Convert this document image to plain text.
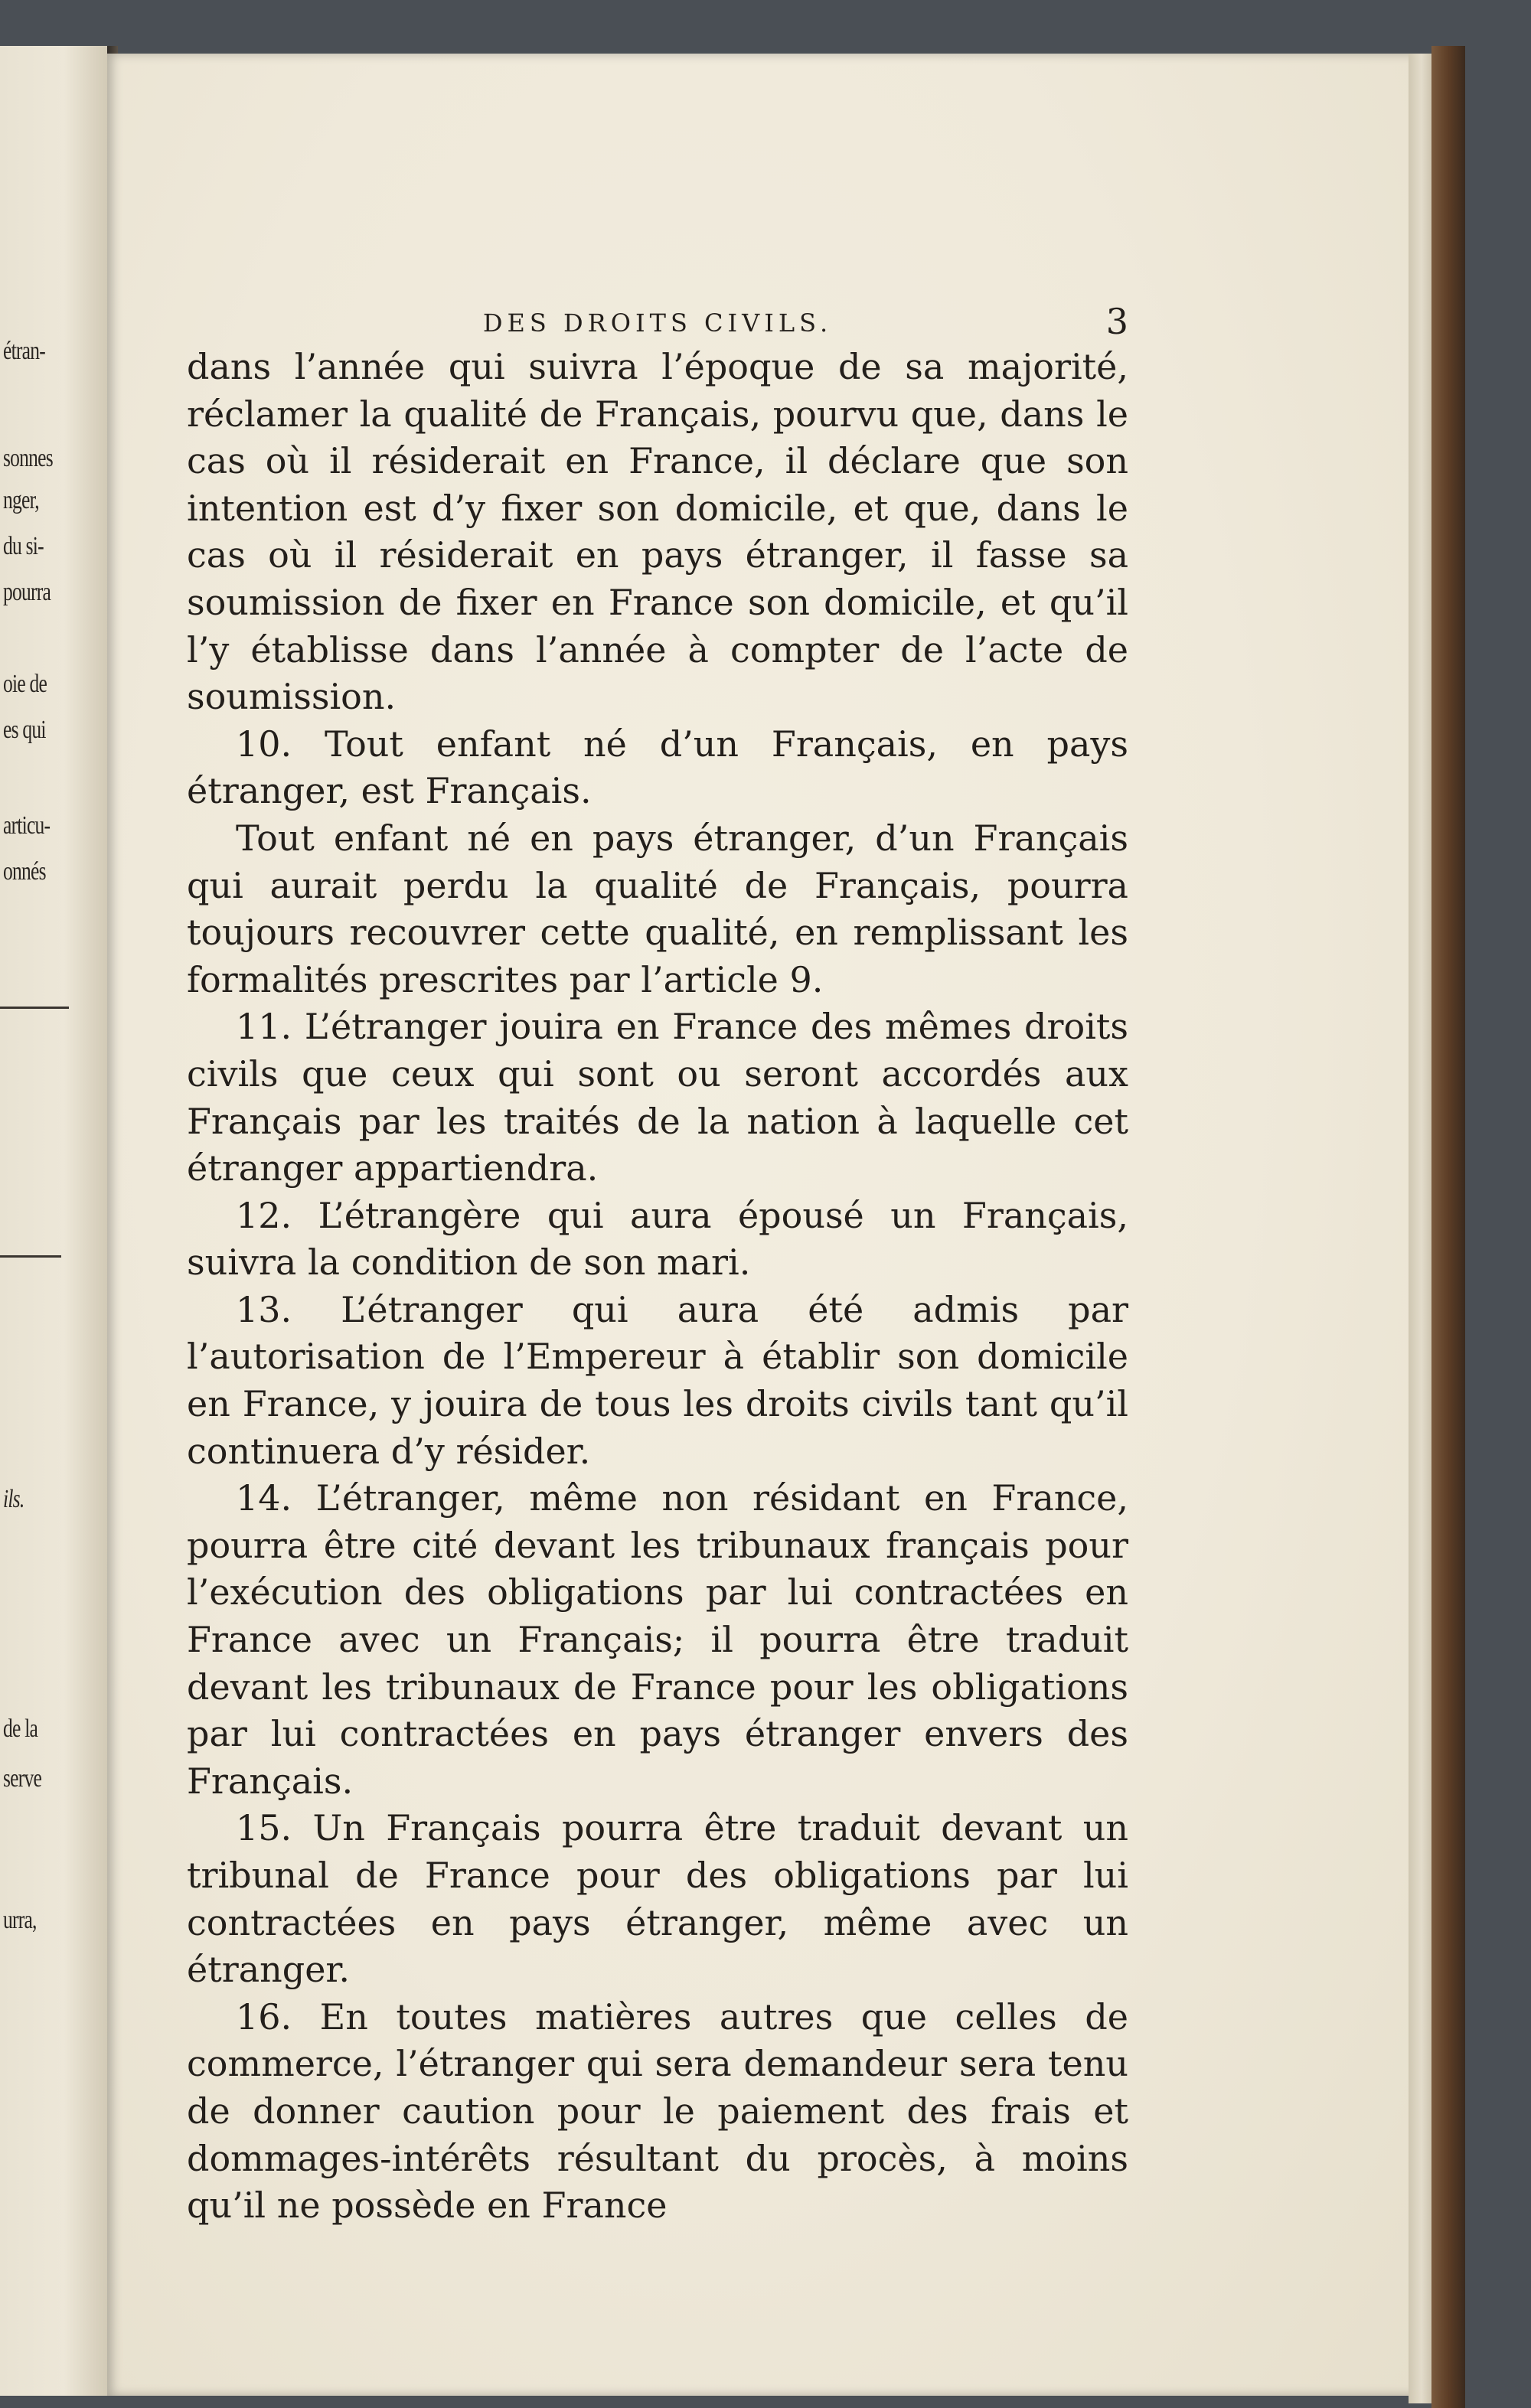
étran-
sonnes
nger,
du si-
pourra
oie de
es qui
articu-
onnés
ils.
de la
serve
urra,
DES DROITS CIVILS.	3

dans l’année qui suivra l’époque de sa majorité, réclamer la qualité de Français, pourvu que, dans le cas où il résiderait en France, il déclare que son intention est d’y fixer son domicile, et que, dans le cas où il résiderait en pays étranger, il fasse sa soumission de fixer en France son domicile, et qu’il l’y établisse dans l’année à compter de l’acte de soumission.

10. Tout enfant né d’un Français, en pays étranger, est Français.

Tout enfant né en pays étranger, d’un Français qui aurait perdu la qualité de Français, pourra toujours recouvrer cette qualité, en remplissant les formalités prescrites par l’article 9.

11. L’étranger jouira en France des mêmes droits civils que ceux qui sont ou seront accordés aux Français par les traités de la nation à laquelle cet étranger appartiendra.

12. L’étrangère qui aura épousé un Français, suivra la condition de son mari.

13. L’étranger qui aura été admis par l’autorisation de l’Empereur à établir son domicile en France, y jouira de tous les droits civils tant qu’il continuera d’y résider.

14. L’étranger, même non résidant en France, pourra être cité devant les tribunaux français pour l’exécution des obligations par lui contractées en France avec un Français; il pourra être traduit devant les tribunaux de France pour les obligations par lui contractées en pays étranger envers des Français.

15. Un Français pourra être traduit devant un tribunal de France pour des obligations par lui contractées en pays étranger, même avec un étranger.

16. En toutes matières autres que celles de commerce, l’étranger qui sera demandeur sera tenu de donner caution pour le paiement des frais et dommages-intérêts résultant du procès, à moins qu’il ne possède en France
